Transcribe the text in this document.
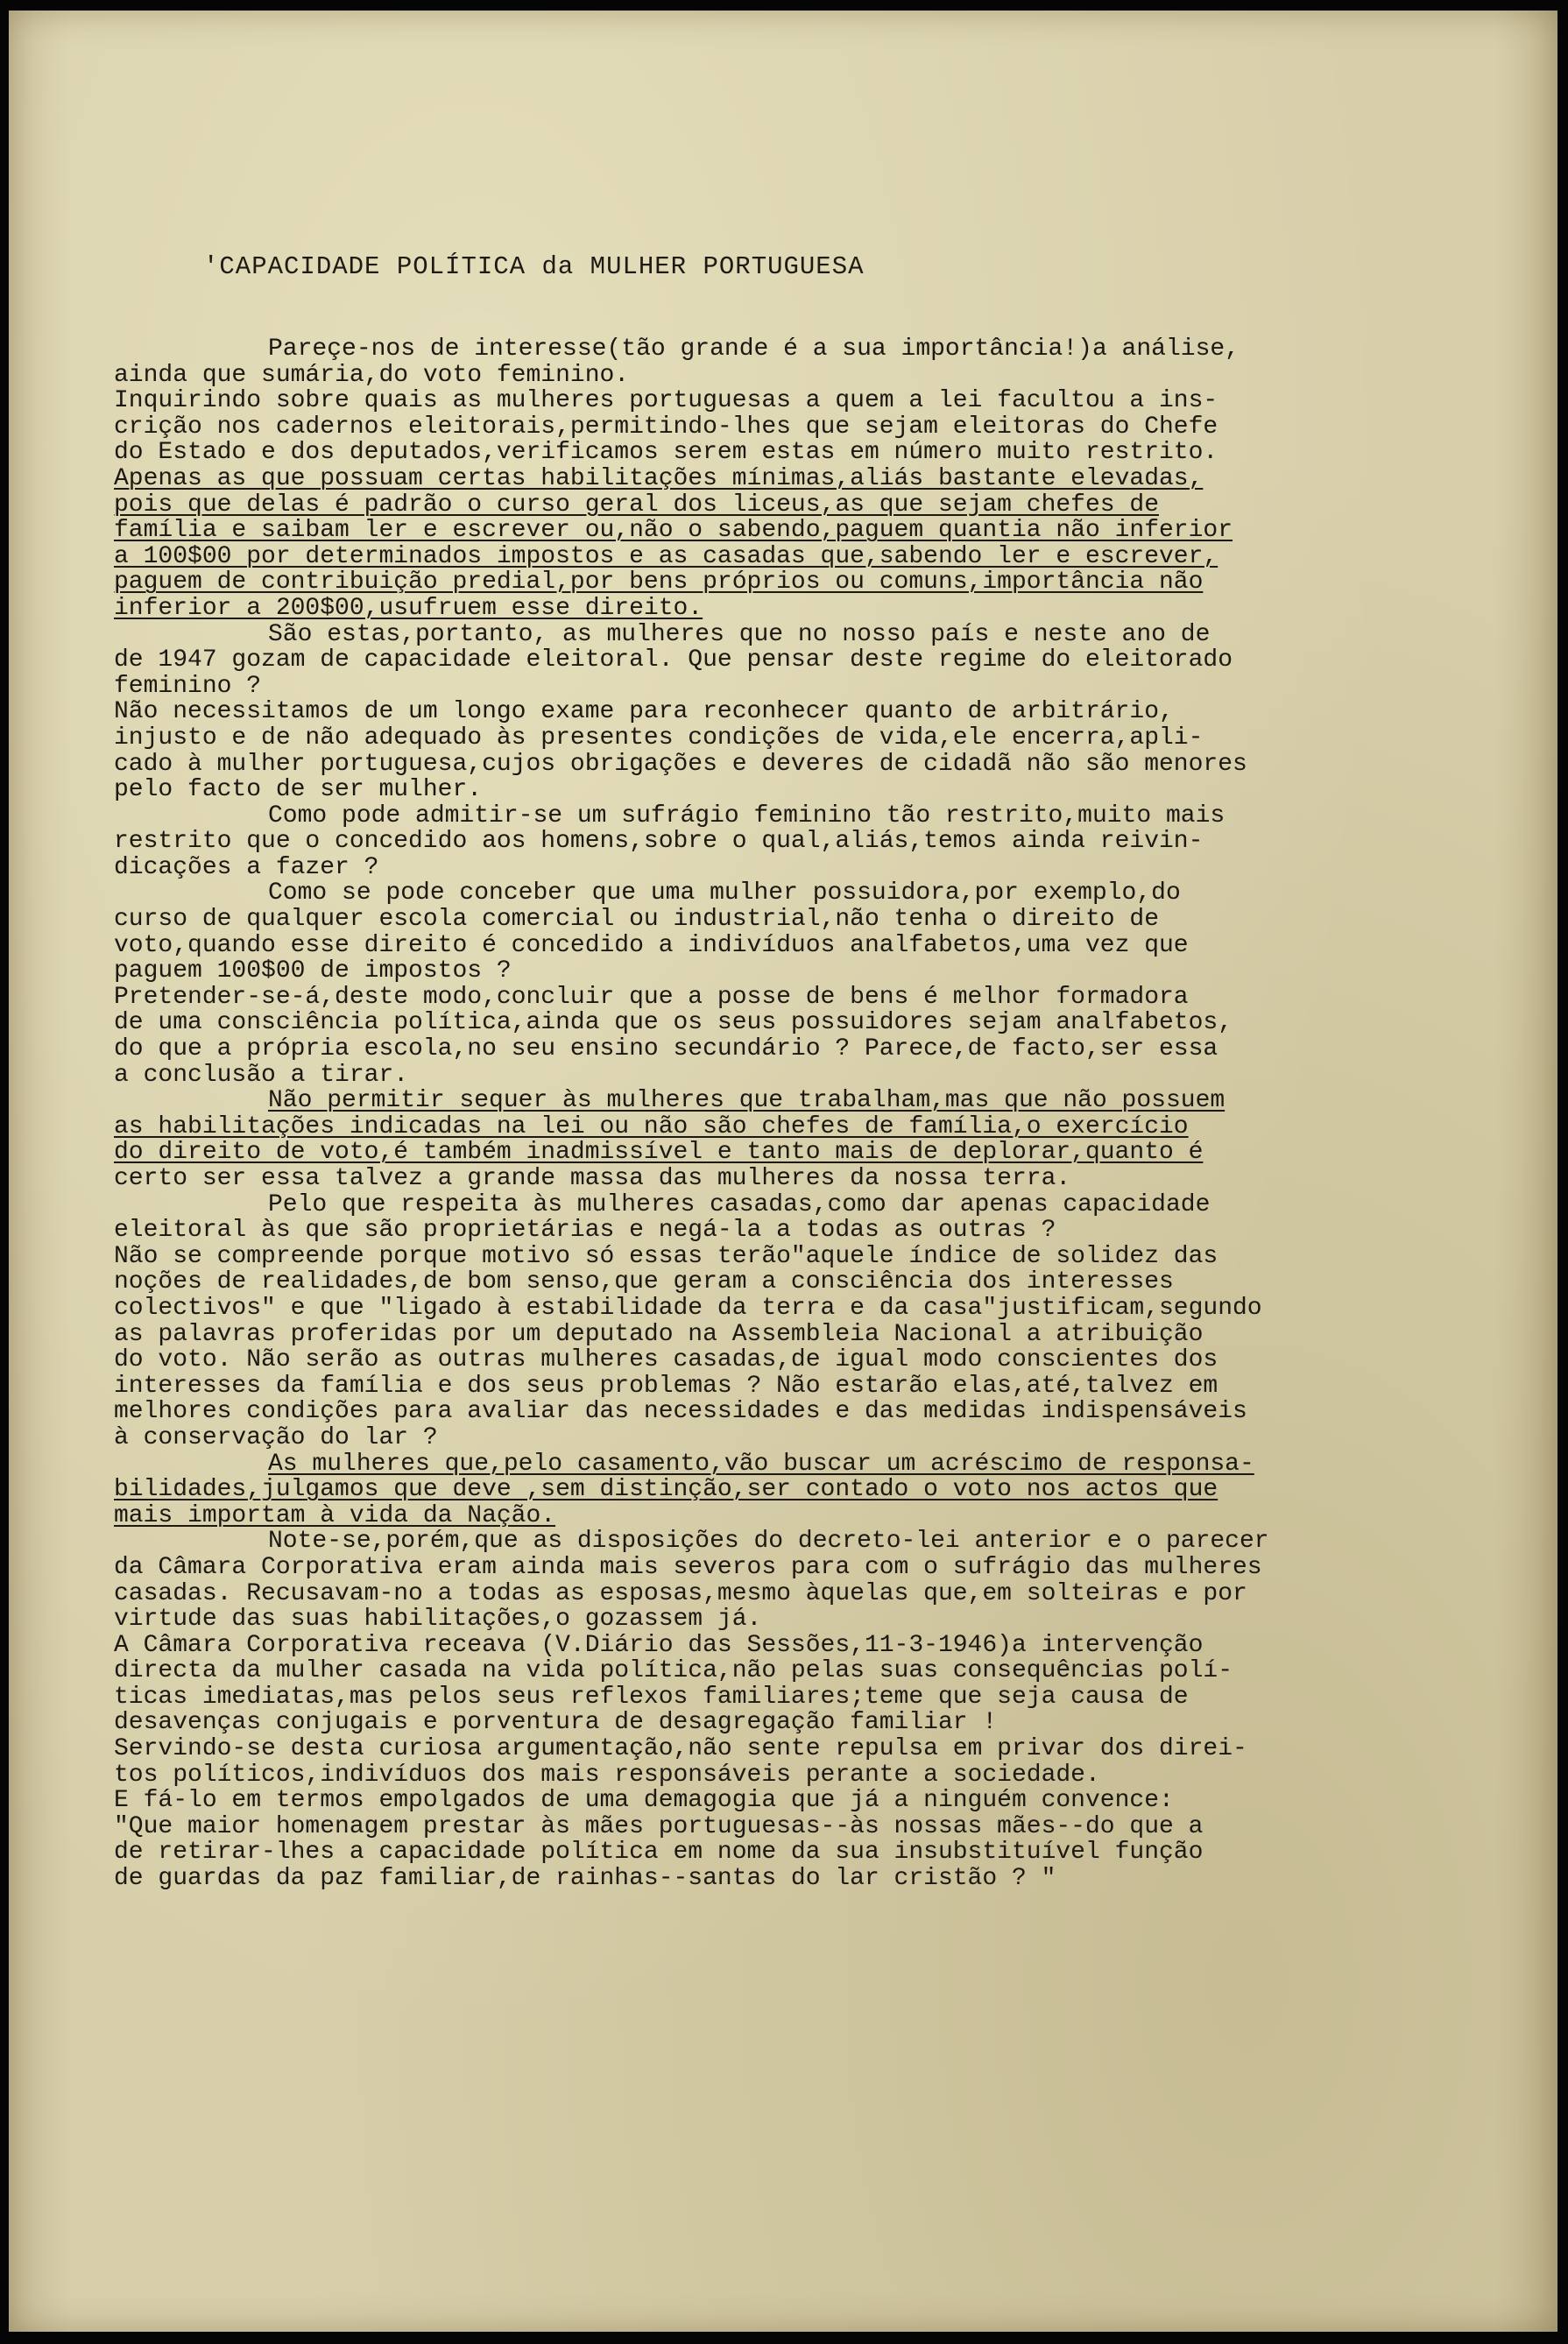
'CAPACIDADE POLÍTICA da MULHER PORTUGUESA
Pareçe-nos de interesse(tão grande é a sua importância!)a análise,
ainda que sumária,do voto feminino.
Inquirindo sobre quais as mulheres portuguesas a quem a lei facultou a ins-
crição nos cadernos eleitorais,permitindo-lhes que sejam eleitoras do Chefe
do Estado e dos deputados,verificamos serem estas em número muito restrito.
Apenas as que possuam certas habilitações mínimas,aliás bastante elevadas,
pois que delas é padrão o curso geral dos liceus,as que sejam chefes de
família e saibam ler e escrever ou,não o sabendo,paguem quantia não inferior
a 100$00 por determinados impostos e as casadas que,sabendo ler e escrever,
paguem de contribuição predial,por bens próprios ou comuns,importância não
inferior a 200$00,usufruem esse direito.
São estas,portanto, as mulheres que no nosso país e neste ano de
de 1947 gozam de capacidade eleitoral. Que pensar deste regime do eleitorado
feminino ?
Não necessitamos de um longo exame para reconhecer quanto de arbitrário,
injusto e de não adequado às presentes condições de vida,ele encerra,apli-
cado à mulher portuguesa,cujos obrigações e deveres de cidadã não são menores
pelo facto de ser mulher.
Como pode admitir-se um sufrágio feminino tão restrito,muito mais
restrito que o concedido aos homens,sobre o qual,aliás,temos ainda reivin-
dicações a fazer ?
Como se pode conceber que uma mulher possuidora,por exemplo,do
curso de qualquer escola comercial ou industrial,não tenha o direito de
voto,quando esse direito é concedido a indivíduos analfabetos,uma vez que
paguem 100$00 de impostos ?
Pretender-se-á,deste modo,concluir que a posse de bens é melhor formadora
de uma consciência política,ainda que os seus possuidores sejam analfabetos,
do que a própria escola,no seu ensino secundário ? Parece,de facto,ser essa
a conclusão a tirar.
Não permitir sequer às mulheres que trabalham,mas que não possuem
as habilitações indicadas na lei ou não são chefes de família,o exercício
do direito de voto,é também inadmissível e tanto mais de deplorar,quanto é
certo ser essa talvez a grande massa das mulheres da nossa terra.
Pelo que respeita às mulheres casadas,como dar apenas capacidade
eleitoral às que são proprietárias e negá-la a todas as outras ?
Não se compreende porque motivo só essas terão"aquele índice de solidez das
noções de realidades,de bom senso,que geram a consciência dos interesses
colectivos" e que "ligado à estabilidade da terra e da casa"justificam,segundo
as palavras proferidas por um deputado na Assembleia Nacional a atribuição
do voto. Não serão as outras mulheres casadas,de igual modo conscientes dos
interesses da família e dos seus problemas ? Não estarão elas,até,talvez em
melhores condições para avaliar das necessidades e das medidas indispensáveis
à conservação do lar ?
As mulheres que,pelo casamento,vão buscar um acréscimo de responsa-
bilidades,julgamos que deve ,sem distinção,ser contado o voto nos actos que
mais importam à vida da Nação.
Note-se,porém,que as disposições do decreto-lei anterior e o parecer
da Câmara Corporativa eram ainda mais severos para com o sufrágio das mulheres
casadas. Recusavam-no a todas as esposas,mesmo àquelas que,em solteiras e por
virtude das suas habilitações,o gozassem já.
A Câmara Corporativa receava (V.Diário das Sessões,11-3-1946)a intervenção
directa da mulher casada na vida política,não pelas suas consequências polí-
ticas imediatas,mas pelos seus reflexos familiares;teme que seja causa de
desavenças conjugais e porventura de desagregação familiar !
Servindo-se desta curiosa argumentação,não sente repulsa em privar dos direi-
tos políticos,indivíduos dos mais responsáveis perante a sociedade.
E fá-lo em termos empolgados de uma demagogia que já a ninguém convence:
"Que maior homenagem prestar às mães portuguesas--às nossas mães--do que a
de retirar-lhes a capacidade política em nome da sua insubstituível função
de guardas da paz familiar,de rainhas--santas do lar cristão ? "
